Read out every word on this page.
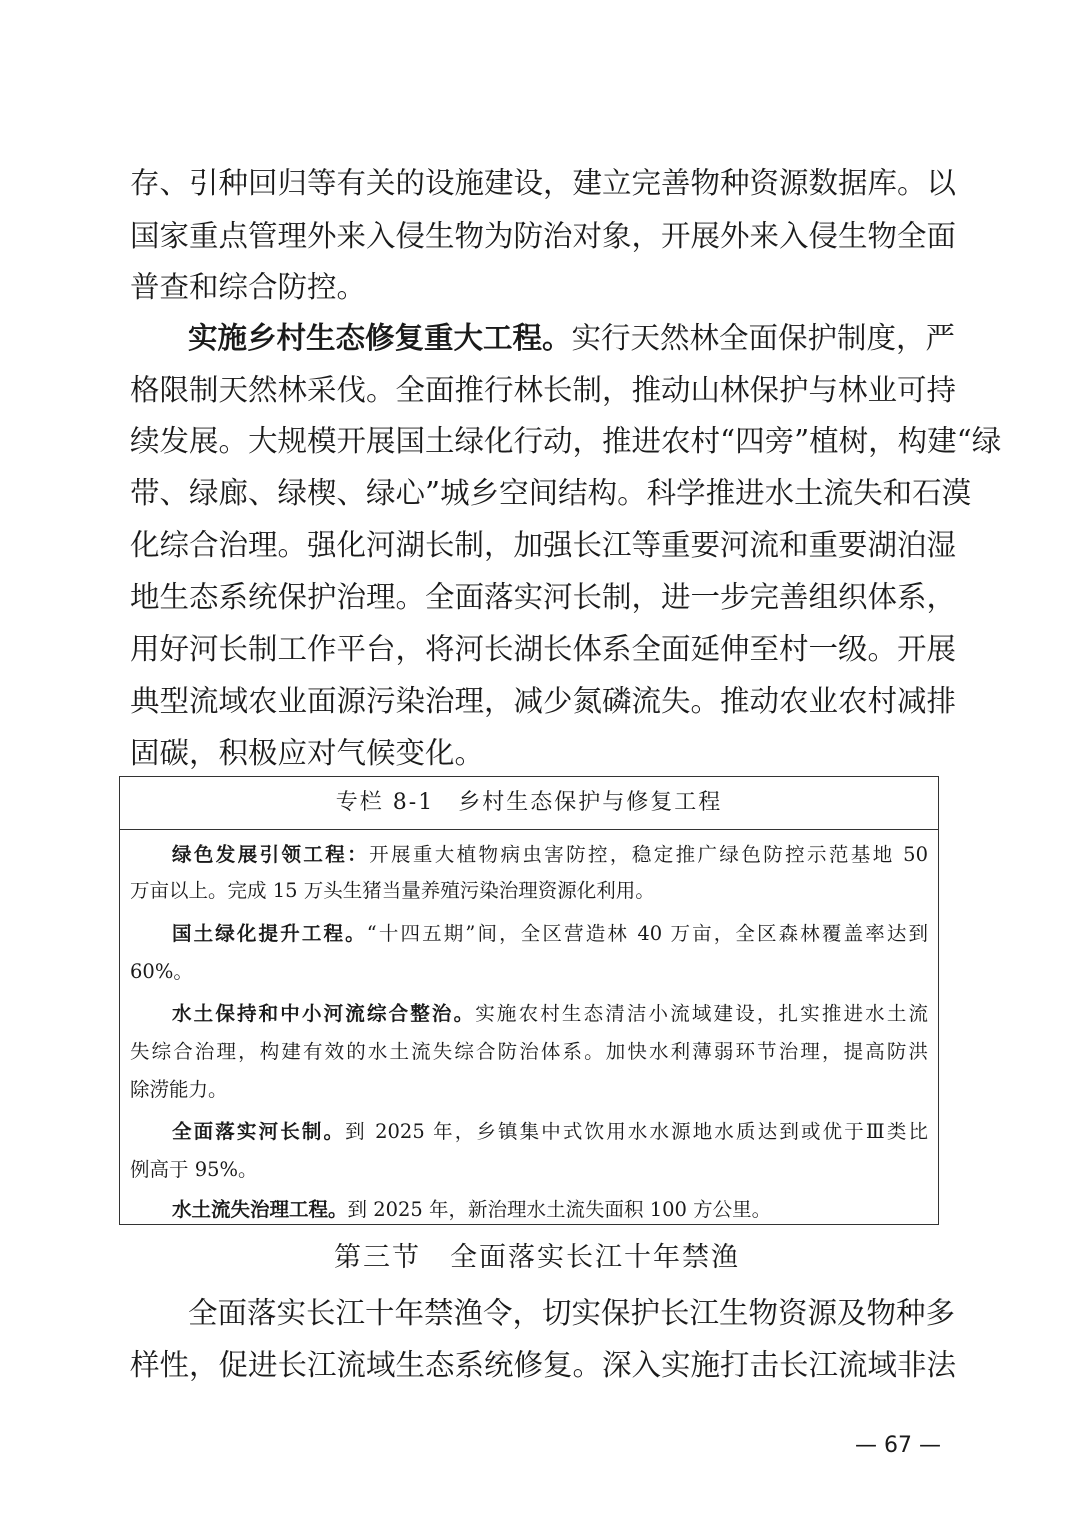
存、引种回归等有关的设施建设，建立完善物种资源数据库。以
国家重点管理外来入侵生物为防治对象，开展外来入侵生物全面
普查和综合防控。
实施乡村生态修复重大工程。实行天然林全面保护制度，严
格限制天然林采伐。全面推行林长制，推动山林保护与林业可持
续发展。大规模开展国土绿化行动，推进农村“四旁”植树，构建“绿
带、绿廊、绿楔、绿心”城乡空间结构。科学推进水土流失和石漠
化综合治理。强化河湖长制，加强长江等重要河流和重要湖泊湿
地生态系统保护治理。全面落实河长制，进一步完善组织体系，
用好河长制工作平台，将河长湖长体系全面延伸至村一级。开展
典型流域农业面源污染治理，减少氮磷流失。推动农业农村减排
固碳，积极应对气候变化。
专栏 8-1　乡村生态保护与修复工程
绿色发展引领工程：开展重大植物病虫害防控，稳定推广绿色防控示范基地 50
万亩以上。完成 15 万头生猪当量养殖污染治理资源化利用。
国土绿化提升工程。“十四五期”间，全区营造林 40 万亩，全区森林覆盖率达到
60%。
水土保持和中小河流综合整治。实施农村生态清洁小流域建设，扎实推进水土流
失综合治理，构建有效的水土流失综合防治体系。加快水利薄弱环节治理，提高防洪
除涝能力。
全面落实河长制。到 2025 年，乡镇集中式饮用水水源地水质达到或优于Ⅲ类比
例高于 95%。
水土流失治理工程。到 2025 年，新治理水土流失面积 100 方公里。
第三节　全面落实长江十年禁渔
全面落实长江十年禁渔令，切实保护长江生物资源及物种多
样性，促进长江流域生态系统修复。深入实施打击长江流域非法
— 67 —
